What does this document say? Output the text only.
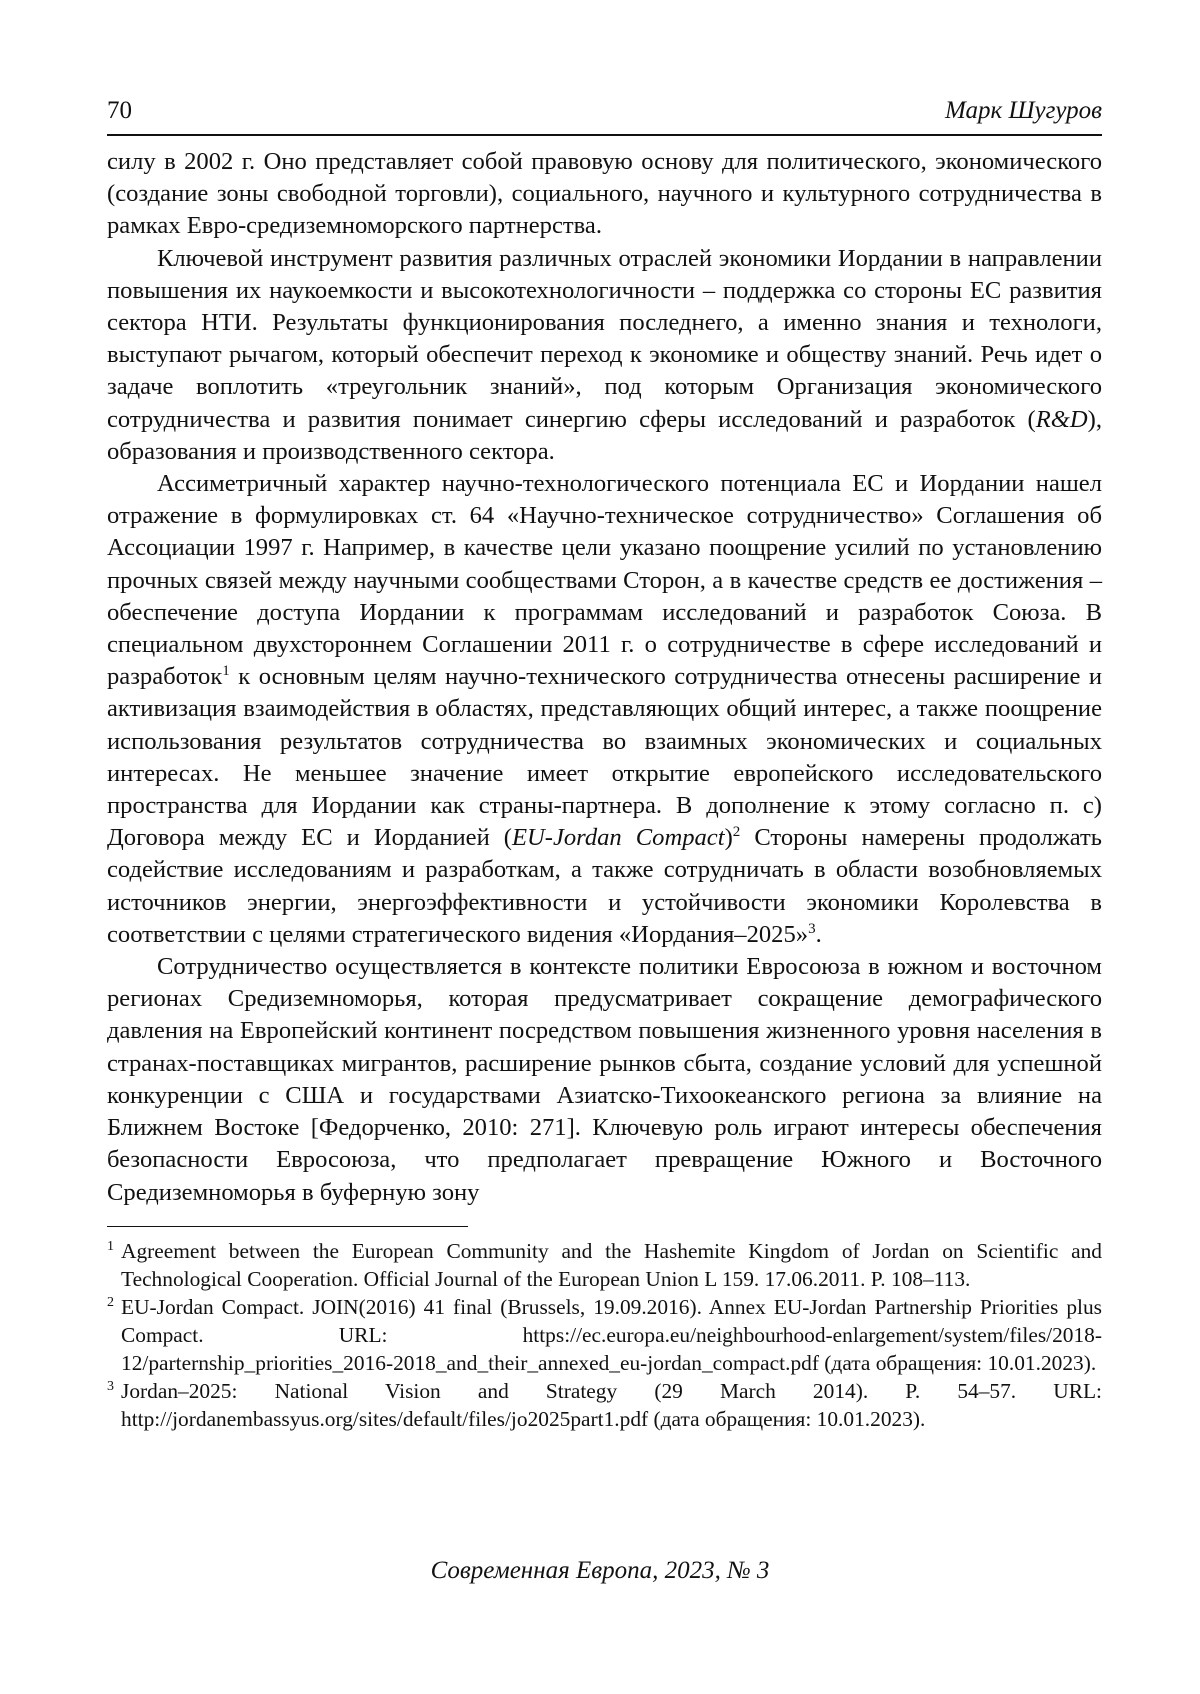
70	Марк Шугуров

силу в 2002 г. Оно представляет собой правовую основу для политического, экономического (создание зоны свободной торговли), социального, научного и культурного сотрудничества в рамках Евро-средиземноморского партнерства.

Ключевой инструмент развития различных отраслей экономики Иордании в направлении повышения их наукоемкости и высокотехнологичности – поддержка со стороны ЕС развития сектора НТИ. Результаты функционирования последнего, а именно знания и технологи, выступают рычагом, который обеспечит переход к экономике и обществу знаний. Речь идет о задаче воплотить «треугольник знаний», под которым Организация экономического сотрудничества и развития понимает синергию сферы исследований и разработок (R&D), образования и производственного сектора.

Ассиметричный характер научно-технологического потенциала ЕС и Иордании нашел отражение в формулировках ст. 64 «Научно-техническое сотрудничество» Соглашения об Ассоциации 1997 г. Например, в качестве цели указано поощрение усилий по установлению прочных связей между научными сообществами Сторон, а в качестве средств ее достижения – обеспечение доступа Иордании к программам исследований и разработок Союза. В специальном двухстороннем Соглашении 2011 г. о сотрудничестве в сфере исследований и разработок$^1$ к основным целям научно-технического сотрудничества отнесены расширение и активизация взаимодействия в областях, представляющих общий интерес, а также поощрение использования результатов сотрудничества во взаимных экономических и социальных интересах. Не меньшее значение имеет открытие европейского исследовательского пространства для Иордании как страны-партнера. В дополнение к этому согласно п. с) Договора между ЕС и Иорданией (EU-Jordan Compact)$^2$ Стороны намерены продолжать содействие исследованиям и разработкам, а также сотрудничать в области возобновляемых источников энергии, энергоэффективности и устойчивости экономики Королевства в соответствии с целями стратегического видения «Иордания–2025»$^3$.

Сотрудничество осуществляется в контексте политики Евросоюза в южном и восточном регионах Средиземноморья, которая предусматривает сокращение демографического давления на Европейский континент посредством повышения жизненного уровня населения в странах-поставщиках мигрантов, расширение рынков сбыта, создание условий для успешной конкуренции с США и государствами Азиатско-Тихоокеанского региона за влияние на Ближнем Востоке [Федорченко, 2010: 271]. Ключевую роль играют интересы обеспечения безопасности Евросоюза, что предполагает превращение Южного и Восточного Средиземноморья в буферную зону

1 Agreement between the European Community and the Hashemite Kingdom of Jordan on Scientific and Technological Cooperation. Official Journal of the European Union L 159. 17.06.2011. P. 108–113.
2 EU-Jordan Compact. JOIN(2016) 41 final (Brussels, 19.09.2016). Annex EU-Jordan Partnership Priorities plus Compact. URL: https://ec.europa.eu/neighbourhood-enlargement/system/files/2018-12/parternship_priorities_2016-2018_and_their_annexed_eu-jordan_compact.pdf (дата обращения: 10.01.2023).
3 Jordan–2025: National Vision and Strategy (29 March 2014). P. 54–57. URL: http://jordanembassyus.org/sites/default/files/jo2025part1.pdf (дата обращения: 10.01.2023).
Современная Европа, 2023, № 3
